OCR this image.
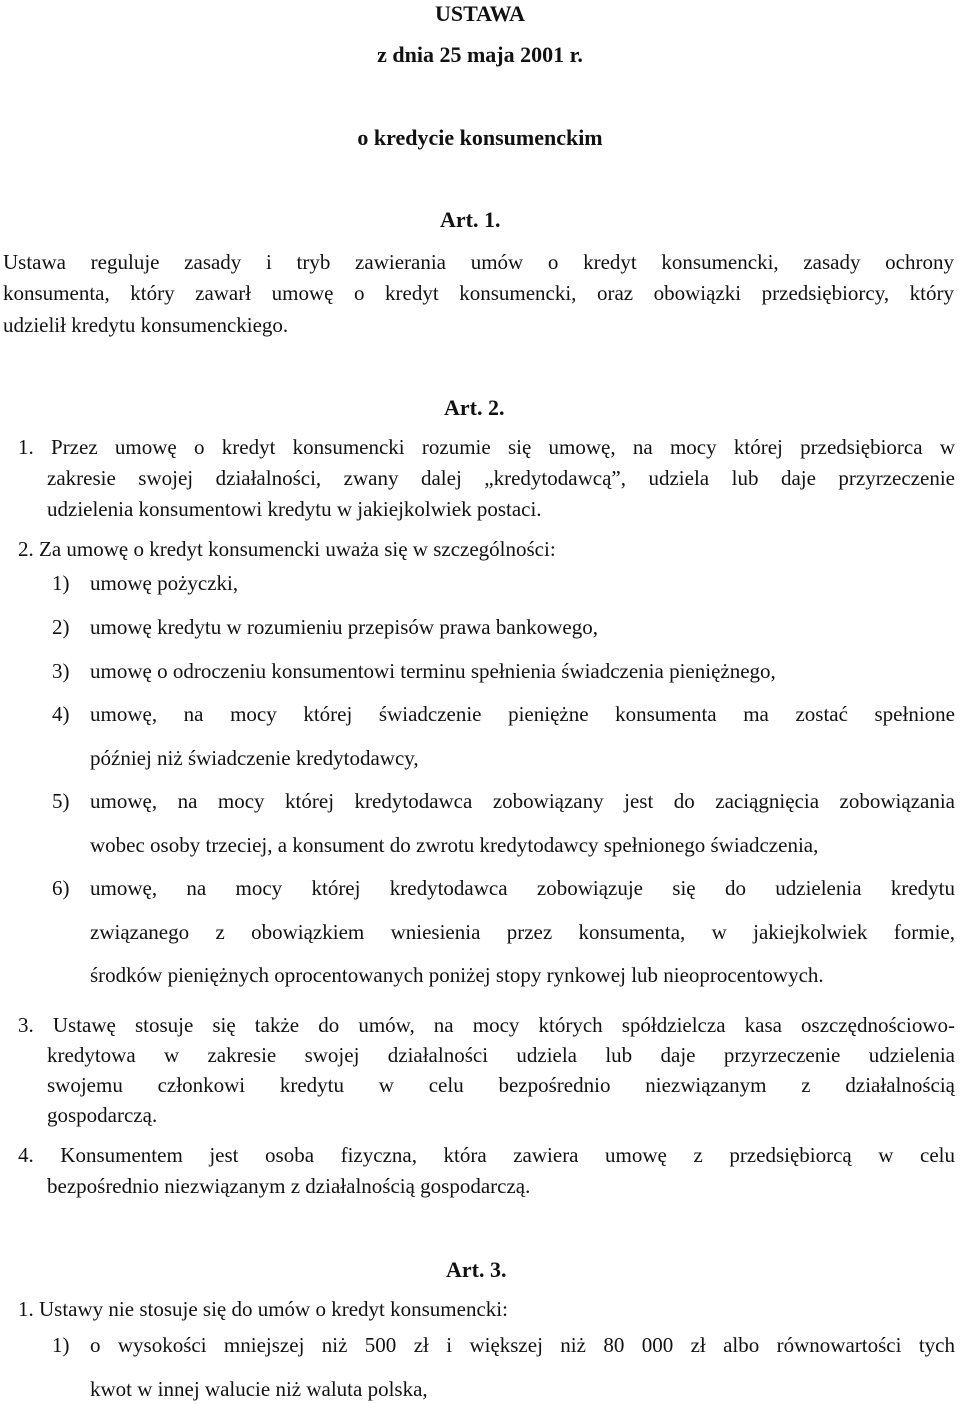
USTAWA
z dnia 25 maja 2001 r.
o kredycie konsumenckim
Art. 1.
Ustawa reguluje zasady i tryb zawierania umów o kredyt konsumencki, zasady ochrony
konsumenta, który zawarł umowę o kredyt konsumencki, oraz obowiązki przedsiębiorcy, który
udzielił kredytu konsumenckiego.
Art. 2.
1. Przez umowę o kredyt konsumencki rozumie się umowę, na mocy której przedsiębiorca w
zakresie swojej działalności, zwany dalej „kredytodawcą”, udziela lub daje przyrzeczenie
udzielenia konsumentowi kredytu w jakiejkolwiek postaci.
2. Za umowę o kredyt konsumencki uważa się w szczególności:
1) umowę pożyczki,
2) umowę kredytu w rozumieniu przepisów prawa bankowego,
3) umowę o odroczeniu konsumentowi terminu spełnienia świadczenia pieniężnego,
4) umowę, na mocy której świadczenie pieniężne konsumenta ma zostać spełnione
później niż świadczenie kredytodawcy,
5) umowę, na mocy której kredytodawca zobowiązany jest do zaciągnięcia zobowiązania
wobec osoby trzeciej, a konsument do zwrotu kredytodawcy spełnionego świadczenia,
6) umowę, na mocy której kredytodawca zobowiązuje się do udzielenia kredytu
związanego z obowiązkiem wniesienia przez konsumenta, w jakiejkolwiek formie,
środków pieniężnych oprocentowanych poniżej stopy rynkowej lub nieoprocentowych.
3. Ustawę stosuje się także do umów, na mocy których spółdzielcza kasa oszczędnościowo-
kredytowa w zakresie swojej działalności udziela lub daje przyrzeczenie udzielenia
swojemu członkowi kredytu w celu bezpośrednio niezwiązanym z działalnością
gospodarczą.
4. Konsumentem jest osoba fizyczna, która zawiera umowę z przedsiębiorcą w celu
bezpośrednio niezwiązanym z działalnością gospodarczą.
Art. 3.
1. Ustawy nie stosuje się do umów o kredyt konsumencki:
1) o wysokości mniejszej niż 500 zł i większej niż 80 000 zł albo równowartości tych
kwot w innej walucie niż waluta polska,
